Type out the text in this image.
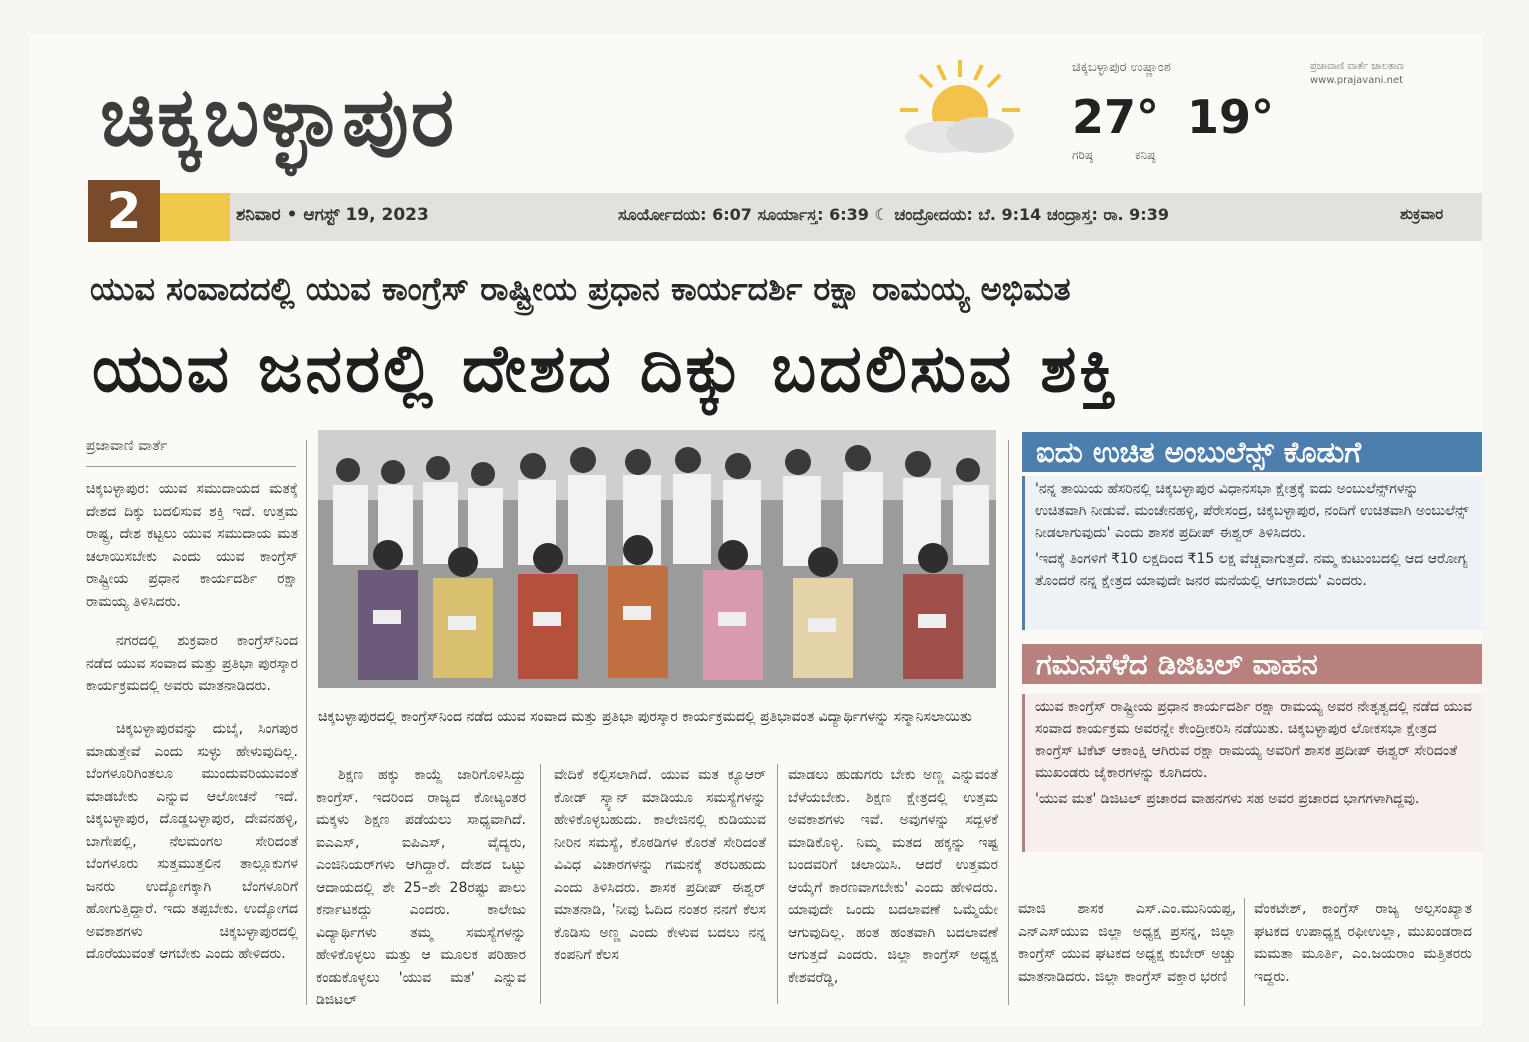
ಚಿಕ್ಕಬಳ್ಳಾಪುರ
ಚಿಕ್ಕಬಳ್ಳಾಪುರ ಉಷ್ಣಾಂಶ
27° 19°
ಗರಿಷ್ಠ	ಕನಿಷ್ಠ
ಪ್ರಜಾವಾಣಿ ವಾರ್ತೆ ಜಾಲತಾಣ www.prajavani.net
2	ಶನಿವಾರ • ಆಗಸ್ಟ್ 19, 2023	ಸೂರ್ಯೋದಯ: 6:07 ಸೂರ್ಯಾಸ್ತ: 6:39 ☾ ಚಂದ್ರೋದಯ: ಬೆ. 9:14 ಚಂದ್ರಾಸ್ತ: ರಾ. 9:39	ಶುಕ್ರವಾರ
ಯುವ ಸಂವಾದದಲ್ಲಿ ಯುವ ಕಾಂಗ್ರೆಸ್ ರಾಷ್ಟ್ರೀಯ ಪ್ರಧಾನ ಕಾರ್ಯದರ್ಶಿ ರಕ್ಷಾ ರಾಮಯ್ಯ ಅಭಿಮತ
ಯುವ ಜನರಲ್ಲಿ ದೇಶದ ದಿಕ್ಕು ಬದಲಿಸುವ ಶಕ್ತಿ
ಪ್ರಜಾವಾಣಿ ವಾರ್ತೆ
ಚಿಕ್ಕಬಳ್ಳಾಪುರ: ಯುವ ಸಮುದಾಯದ ಮತಕ್ಕೆ ದೇಶದ ದಿಕ್ಕು ಬದಲಿಸುವ ಶಕ್ತಿ ಇದೆ. ಉತ್ತಮ ರಾಷ್ಟ್ರ, ದೇಶ ಕಟ್ಟಲು ಯುವ ಸಮುದಾಯ ಮತ ಚಲಾಯಿಸಬೇಕು ಎಂದು ಯುವ ಕಾಂಗ್ರೆಸ್ ರಾಷ್ಟ್ರೀಯ ಪ್ರಧಾನ ಕಾರ್ಯದರ್ಶಿ ರಕ್ಷಾ ರಾಮಯ್ಯ ತಿಳಿಸಿದರು.
ನಗರದಲ್ಲಿ ಶುಕ್ರವಾರ ಕಾಂಗ್ರೆಸ್‌ನಿಂದ ನಡೆದ ಯುವ ಸಂವಾದ ಮತ್ತು ಪ್ರತಿಭಾ ಪುರಸ್ಕಾರ ಕಾರ್ಯಕ್ರಮದಲ್ಲಿ ಅವರು ಮಾತನಾಡಿದರು.
ಚಿಕ್ಕಬಳ್ಳಾಪುರವನ್ನು ದುಬೈ, ಸಿಂಗಪುರ ಮಾಡುತ್ತೇವೆ ಎಂದು ಸುಳ್ಳು ಹೇಳುವುದಿಲ್ಲ. ಬೆಂಗಳೂರಿಗಿಂತಲೂ ಮುಂದುವರಿಯುವಂತೆ ಮಾಡಬೇಕು ಎನ್ನುವ ಆಲೋಚನೆ ಇದೆ. ಚಿಕ್ಕಬಳ್ಳಾಪುರ, ದೊಡ್ಡಬಳ್ಳಾಪುರ, ದೇವನಹಳ್ಳಿ, ಬಾಗೇಪಲ್ಲಿ, ನೆಲಮಂಗಲ ಸೇರಿದಂತೆ ಬೆಂಗಳೂರು ಸುತ್ತಮುತ್ತಲಿನ ತಾಲ್ಲೂಕುಗಳ ಜನರು ಉದ್ಯೋಗಕ್ಕಾಗಿ ಬೆಂಗಳೂರಿಗೆ ಹೋಗುತ್ತಿದ್ದಾರೆ. ಇದು ತಪ್ಪಬೇಕು. ಉದ್ಯೋಗದ ಅವಕಾಶಗಳು ಚಿಕ್ಕಬಳ್ಳಾಪುರದಲ್ಲಿ ದೊರೆಯುವಂತೆ ಆಗಬೇಕು ಎಂದು ಹೇಳಿದರು.
ಚಿಕ್ಕಬಳ್ಳಾಪುರದಲ್ಲಿ ಕಾಂಗ್ರೆಸ್‌ನಿಂದ ನಡೆದ ಯುವ ಸಂವಾದ ಮತ್ತು ಪ್ರತಿಭಾ ಪುರಸ್ಕಾರ ಕಾರ್ಯಕ್ರಮದಲ್ಲಿ ಪ್ರತಿಭಾವಂತ ವಿದ್ಯಾರ್ಥಿಗಳನ್ನು ಸನ್ಮಾನಿಸಲಾಯಿತು
ಶಿಕ್ಷಣ ಹಕ್ಕು ಕಾಯ್ದೆ ಜಾರಿಗೊಳಿಸಿದ್ದು ಕಾಂಗ್ರೆಸ್. ಇದರಿಂದ ರಾಜ್ಯದ ಕೋಟ್ಯಂತರ ಮಕ್ಕಳು ಶಿಕ್ಷಣ ಪಡೆಯಲು ಸಾಧ್ಯವಾಗಿದೆ. ಐಎಎಸ್, ಐಪಿಎಸ್, ವೈದ್ಯರು, ಎಂಜಿನಿಯರ್‌ಗಳು ಆಗಿದ್ದಾರೆ. ದೇಶದ ಒಟ್ಟು ಆದಾಯದಲ್ಲಿ ಶೇ 25–ಶೇ 28ರಷ್ಟು ಪಾಲು ಕರ್ನಾಟಕದ್ದು ಎಂದರು. ಕಾಲೇಜು ವಿದ್ಯಾರ್ಥಿಗಳು ತಮ್ಮ ಸಮಸ್ಯೆಗಳನ್ನು ಹೇಳಿಕೊಳ್ಳಲು ಮತ್ತು ಆ ಮೂಲಕ ಪರಿಹಾರ ಕಂಡುಕೊಳ್ಳಲು 'ಯುವ ಮತ' ಎನ್ನುವ ಡಿಜಿಟಲ್
ವೇದಿಕೆ ಕಲ್ಪಿಸಲಾಗಿದೆ. ಯುವ ಮತ ಕ್ಯೂಆರ್ ಕೋಡ್ ಸ್ಕ್ಯಾನ್ ಮಾಡಿಯೂ ಸಮಸ್ಯೆಗಳನ್ನು ಹೇಳಿಕೊಳ್ಳಬಹುದು. ಕಾಲೇಜಿನಲ್ಲಿ ಕುಡಿಯುವ ನೀರಿನ ಸಮಸ್ಯೆ, ಕೊಠಡಿಗಳ ಕೊರತೆ ಸೇರಿದಂತೆ ವಿವಿಧ ವಿಚಾರಗಳನ್ನು ಗಮನಕ್ಕೆ ತರಬಹುದು ಎಂದು ತಿಳಿಸಿದರು. ಶಾಸಕ ಪ್ರದೀಪ್ ಈಶ್ವರ್ ಮಾತನಾಡಿ, 'ನೀವು ಓದಿದ ನಂತರ ನನಗೆ ಕೆಲಸ ಕೊಡಿಸು ಅಣ್ಣ ಎಂದು ಕೇಳುವ ಬದಲು ನನ್ನ ಕಂಪನಿಗೆ ಕೆಲಸ
ಮಾಡಲು ಹುಡುಗರು ಬೇಕು ಅಣ್ಣ ಎನ್ನುವಂತೆ ಬೆಳೆಯಬೇಕು. ಶಿಕ್ಷಣ ಕ್ಷೇತ್ರದಲ್ಲಿ ಉತ್ತಮ ಅವಕಾಶಗಳು ಇವೆ. ಅವುಗಳನ್ನು ಸದ್ಬಳಕೆ ಮಾಡಿಕೊಳ್ಳಿ. ನಿಮ್ಮ ಮತದ ಹಕ್ಕನ್ನು ಇಷ್ಟ ಬಂದವರಿಗೆ ಚಲಾಯಿಸಿ. ಆದರೆ ಉತ್ತಮರ ಆಯ್ಕೆಗೆ ಕಾರಣವಾಗಬೇಕು' ಎಂದು ಹೇಳಿದರು. ಯಾವುದೇ ಒಂದು ಬದಲಾವಣೆ ಒಮ್ಮೆಯೇ ಆಗುವುದಿಲ್ಲ. ಹಂತ ಹಂತವಾಗಿ ಬದಲಾವಣೆ ಆಗುತ್ತದೆ ಎಂದರು. ಜಿಲ್ಲಾ ಕಾಂಗ್ರೆಸ್ ಅಧ್ಯಕ್ಷ ಕೇಶವರೆಡ್ಡಿ,
ಐದು ಉಚಿತ ಅಂಬುಲೆನ್ಸ್ ಕೊಡುಗೆ

'ನನ್ನ ತಾಯಿಯ ಹೆಸರಿನಲ್ಲಿ ಚಿಕ್ಕಬಳ್ಳಾಪುರ ವಿಧಾನಸಭಾ ಕ್ಷೇತ್ರಕ್ಕೆ ಐದು ಅಂಬುಲೆನ್ಸ್‌ಗಳನ್ನು ಉಚಿತವಾಗಿ ನೀಡುವೆ. ಮಂಚೇನಹಳ್ಳಿ, ಪೆರೇಸಂದ್ರ, ಚಿಕ್ಕಬಳ್ಳಾಪುರ, ನಂದಿಗೆ ಉಚಿತವಾಗಿ ಅಂಬುಲೆನ್ಸ್ ನೀಡಲಾಗುವುದು' ಎಂದು ಶಾಸಕ ಪ್ರದೀಪ್ ಈಶ್ವರ್ ತಿಳಿಸಿದರು.

'ಇದಕ್ಕೆ ತಿಂಗಳಿಗೆ ₹10 ಲಕ್ಷದಿಂದ ₹15 ಲಕ್ಷ ವೆಚ್ಚವಾಗುತ್ತದೆ. ನಮ್ಮ ಕುಟುಂಬದಲ್ಲಿ ಆದ ಆರೋಗ್ಯ ತೊಂದರೆ ನನ್ನ ಕ್ಷೇತ್ರದ ಯಾವುದೇ ಜನರ ಮನೆಯಲ್ಲಿ ಆಗಬಾರದು' ಎಂದರು.

ಗಮನಸೆಳೆದ ಡಿಜಿಟಲ್ ವಾಹನ

ಯುವ ಕಾಂಗ್ರೆಸ್ ರಾಷ್ಟ್ರೀಯ ಪ್ರಧಾನ ಕಾರ್ಯದರ್ಶಿ ರಕ್ಷಾ ರಾಮಯ್ಯ ಅವರ ನೇತೃತ್ವದಲ್ಲಿ ನಡೆದ ಯುವ ಸಂವಾದ ಕಾರ್ಯಕ್ರಮ ಅವರನ್ನೇ ಕೇಂದ್ರೀಕರಿಸಿ ನಡೆಯಿತು. ಚಿಕ್ಕಬಳ್ಳಾಪುರ ಲೋಕಸಭಾ ಕ್ಷೇತ್ರದ ಕಾಂಗ್ರೆಸ್ ಟಿಕೆಟ್ ಆಕಾಂಕ್ಷಿ ಆಗಿರುವ ರಕ್ಷಾ ರಾಮಯ್ಯ ಅವರಿಗೆ ಶಾಸಕ ಪ್ರದೀಪ್ ಈಶ್ವರ್ ಸೇರಿದಂತೆ ಮುಖಂಡರು ಜೈಕಾರಗಳನ್ನು ಕೂಗಿದರು.

'ಯುವ ಮತ' ಡಿಜಿಟಲ್ ಪ್ರಚಾರದ ವಾಹನಗಳು ಸಹ ಅವರ ಪ್ರಚಾರದ ಭಾಗಗಳಾಗಿದ್ದವು.

ಮಾಜಿ ಶಾಸಕ ಎಸ್.ಎಂ.ಮುನಿಯಪ್ಪ, ಎನ್‌ಎಸ್‌ಯುಐ ಜಿಲ್ಲಾ ಅಧ್ಯಕ್ಷ ಪ್ರಸನ್ನ, ಜಿಲ್ಲಾ ಕಾಂಗ್ರೆಸ್ ಯುವ ಘಟಕದ ಅಧ್ಯಕ್ಷ ಕುಬೇರ್ ಅಚ್ಚು ಮಾತನಾಡಿದರು. ಜಿಲ್ಲಾ ಕಾಂಗ್ರೆಸ್ ವಕ್ತಾರ ಭರಣಿ
ವೆಂಕಟೇಶ್, ಕಾಂಗ್ರೆಸ್ ರಾಜ್ಯ ಅಲ್ಪಸಂಖ್ಯಾತ ಘಟಕದ ಉಪಾಧ್ಯಕ್ಷ ರಫೀಉಲ್ಲಾ, ಮುಖಂಡರಾದ ಮಮತಾ ಮೂರ್ತಿ, ಎಂ.ಜಯರಾಂ ಮತ್ತಿತರರು ಇದ್ದರು.
